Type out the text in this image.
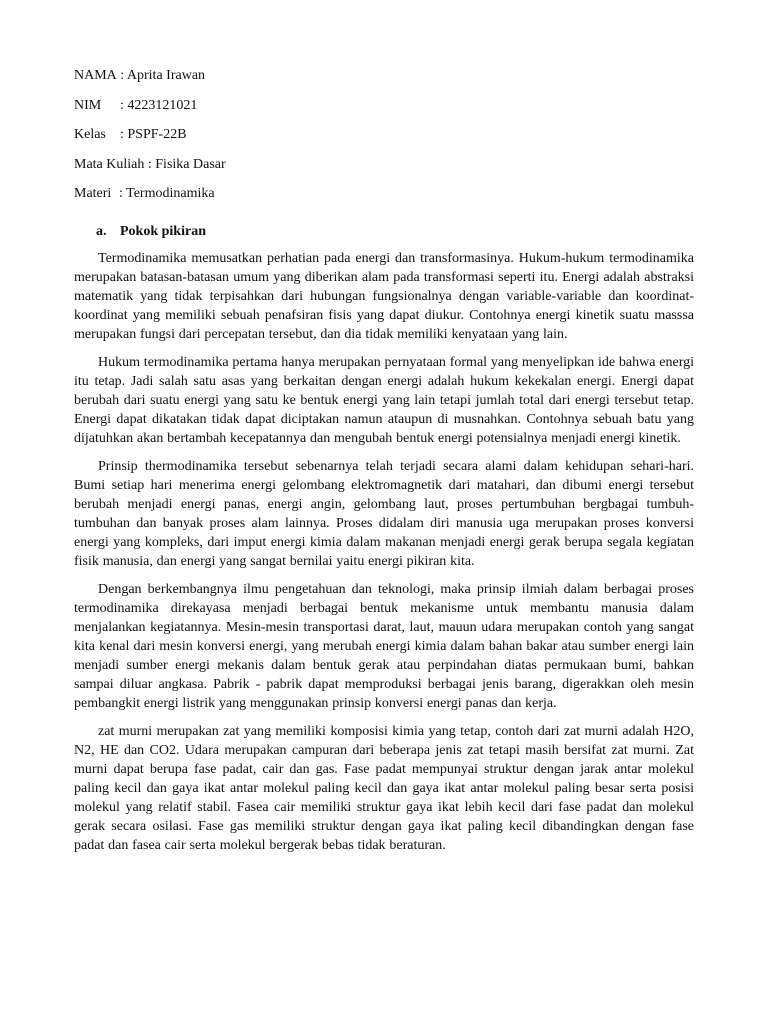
NAMA : Aprita Irawan
NIM : 4223121021
Kelas : PSPF-22B
Mata Kuliah : Fisika Dasar
Materi : Termodinamika
a. Pokok pikiran

Termodinamika memusatkan perhatian pada energi dan transformasinya. Hukum-hukum termodinamika merupakan batasan-batasan umum yang diberikan alam pada transformasi seperti itu. Energi adalah abstraksi matematik yang tidak terpisahkan dari hubungan fungsionalnya dengan variable-variable dan koordinat-koordinat yang memiliki sebuah penafsiran fisis yang dapat diukur. Contohnya energi kinetik suatu masssa merupakan fungsi dari percepatan tersebut, dan dia tidak memiliki kenyataan yang lain.

Hukum termodinamika pertama hanya merupakan pernyataan formal yang menyelipkan ide bahwa energi itu tetap. Jadi salah satu asas yang berkaitan dengan energi adalah hukum kekekalan energi. Energi dapat berubah dari suatu energi yang satu ke bentuk energi yang lain tetapi jumlah total dari energi tersebut tetap. Energi dapat dikatakan tidak dapat diciptakan namun ataupun di musnahkan. Contohnya sebuah batu yang dijatuhkan akan bertambah kecepatannya dan mengubah bentuk energi potensialnya menjadi energi kinetik.

Prinsip thermodinamika tersebut sebenarnya telah terjadi secara alami dalam kehidupan sehari-hari. Bumi setiap hari menerima energi gelombang elektromagnetik dari matahari, dan dibumi energi tersebut berubah menjadi energi panas, energi angin, gelombang laut, proses pertumbuhan bergbagai tumbuh-tumbuhan dan banyak proses alam lainnya. Proses didalam diri manusia uga merupakan proses konversi energi yang kompleks, dari imput energi kimia dalam makanan menjadi energi gerak berupa segala kegiatan fisik manusia, dan energi yang sangat bernilai yaitu energi pikiran kita.

Dengan berkembangnya ilmu pengetahuan dan teknologi, maka prinsip ilmiah dalam berbagai proses termodinamika direkayasa menjadi berbagai bentuk mekanisme untuk membantu manusia dalam menjalankan kegiatannya. Mesin-mesin transportasi darat, laut, mauun udara merupakan contoh yang sangat kita kenal dari mesin konversi energi, yang merubah energi kimia dalam bahan bakar atau sumber energi lain menjadi sumber energi mekanis dalam bentuk gerak atau perpindahan diatas permukaan bumi, bahkan sampai diluar angkasa. Pabrik - pabrik dapat memproduksi berbagai jenis barang, digerakkan oleh mesin pembangkit energi listrik yang menggunakan prinsip konversi energi panas dan kerja.

zat murni merupakan zat yang memiliki komposisi kimia yang tetap, contoh dari zat murni adalah H2O, N2, HE dan CO2. Udara merupakan campuran dari beberapa jenis zat tetapi masih bersifat zat murni. Zat murni dapat berupa fase padat, cair dan gas. Fase padat mempunyai struktur dengan jarak antar molekul paling kecil dan gaya ikat antar molekul paling kecil dan gaya ikat antar molekul paling besar serta posisi molekul yang relatif stabil. Fasea cair memiliki struktur gaya ikat lebih kecil dari fase padat dan molekul gerak secara osilasi. Fase gas memiliki struktur dengan gaya ikat paling kecil dibandingkan dengan fase padat dan fasea cair serta molekul bergerak bebas tidak beraturan.
